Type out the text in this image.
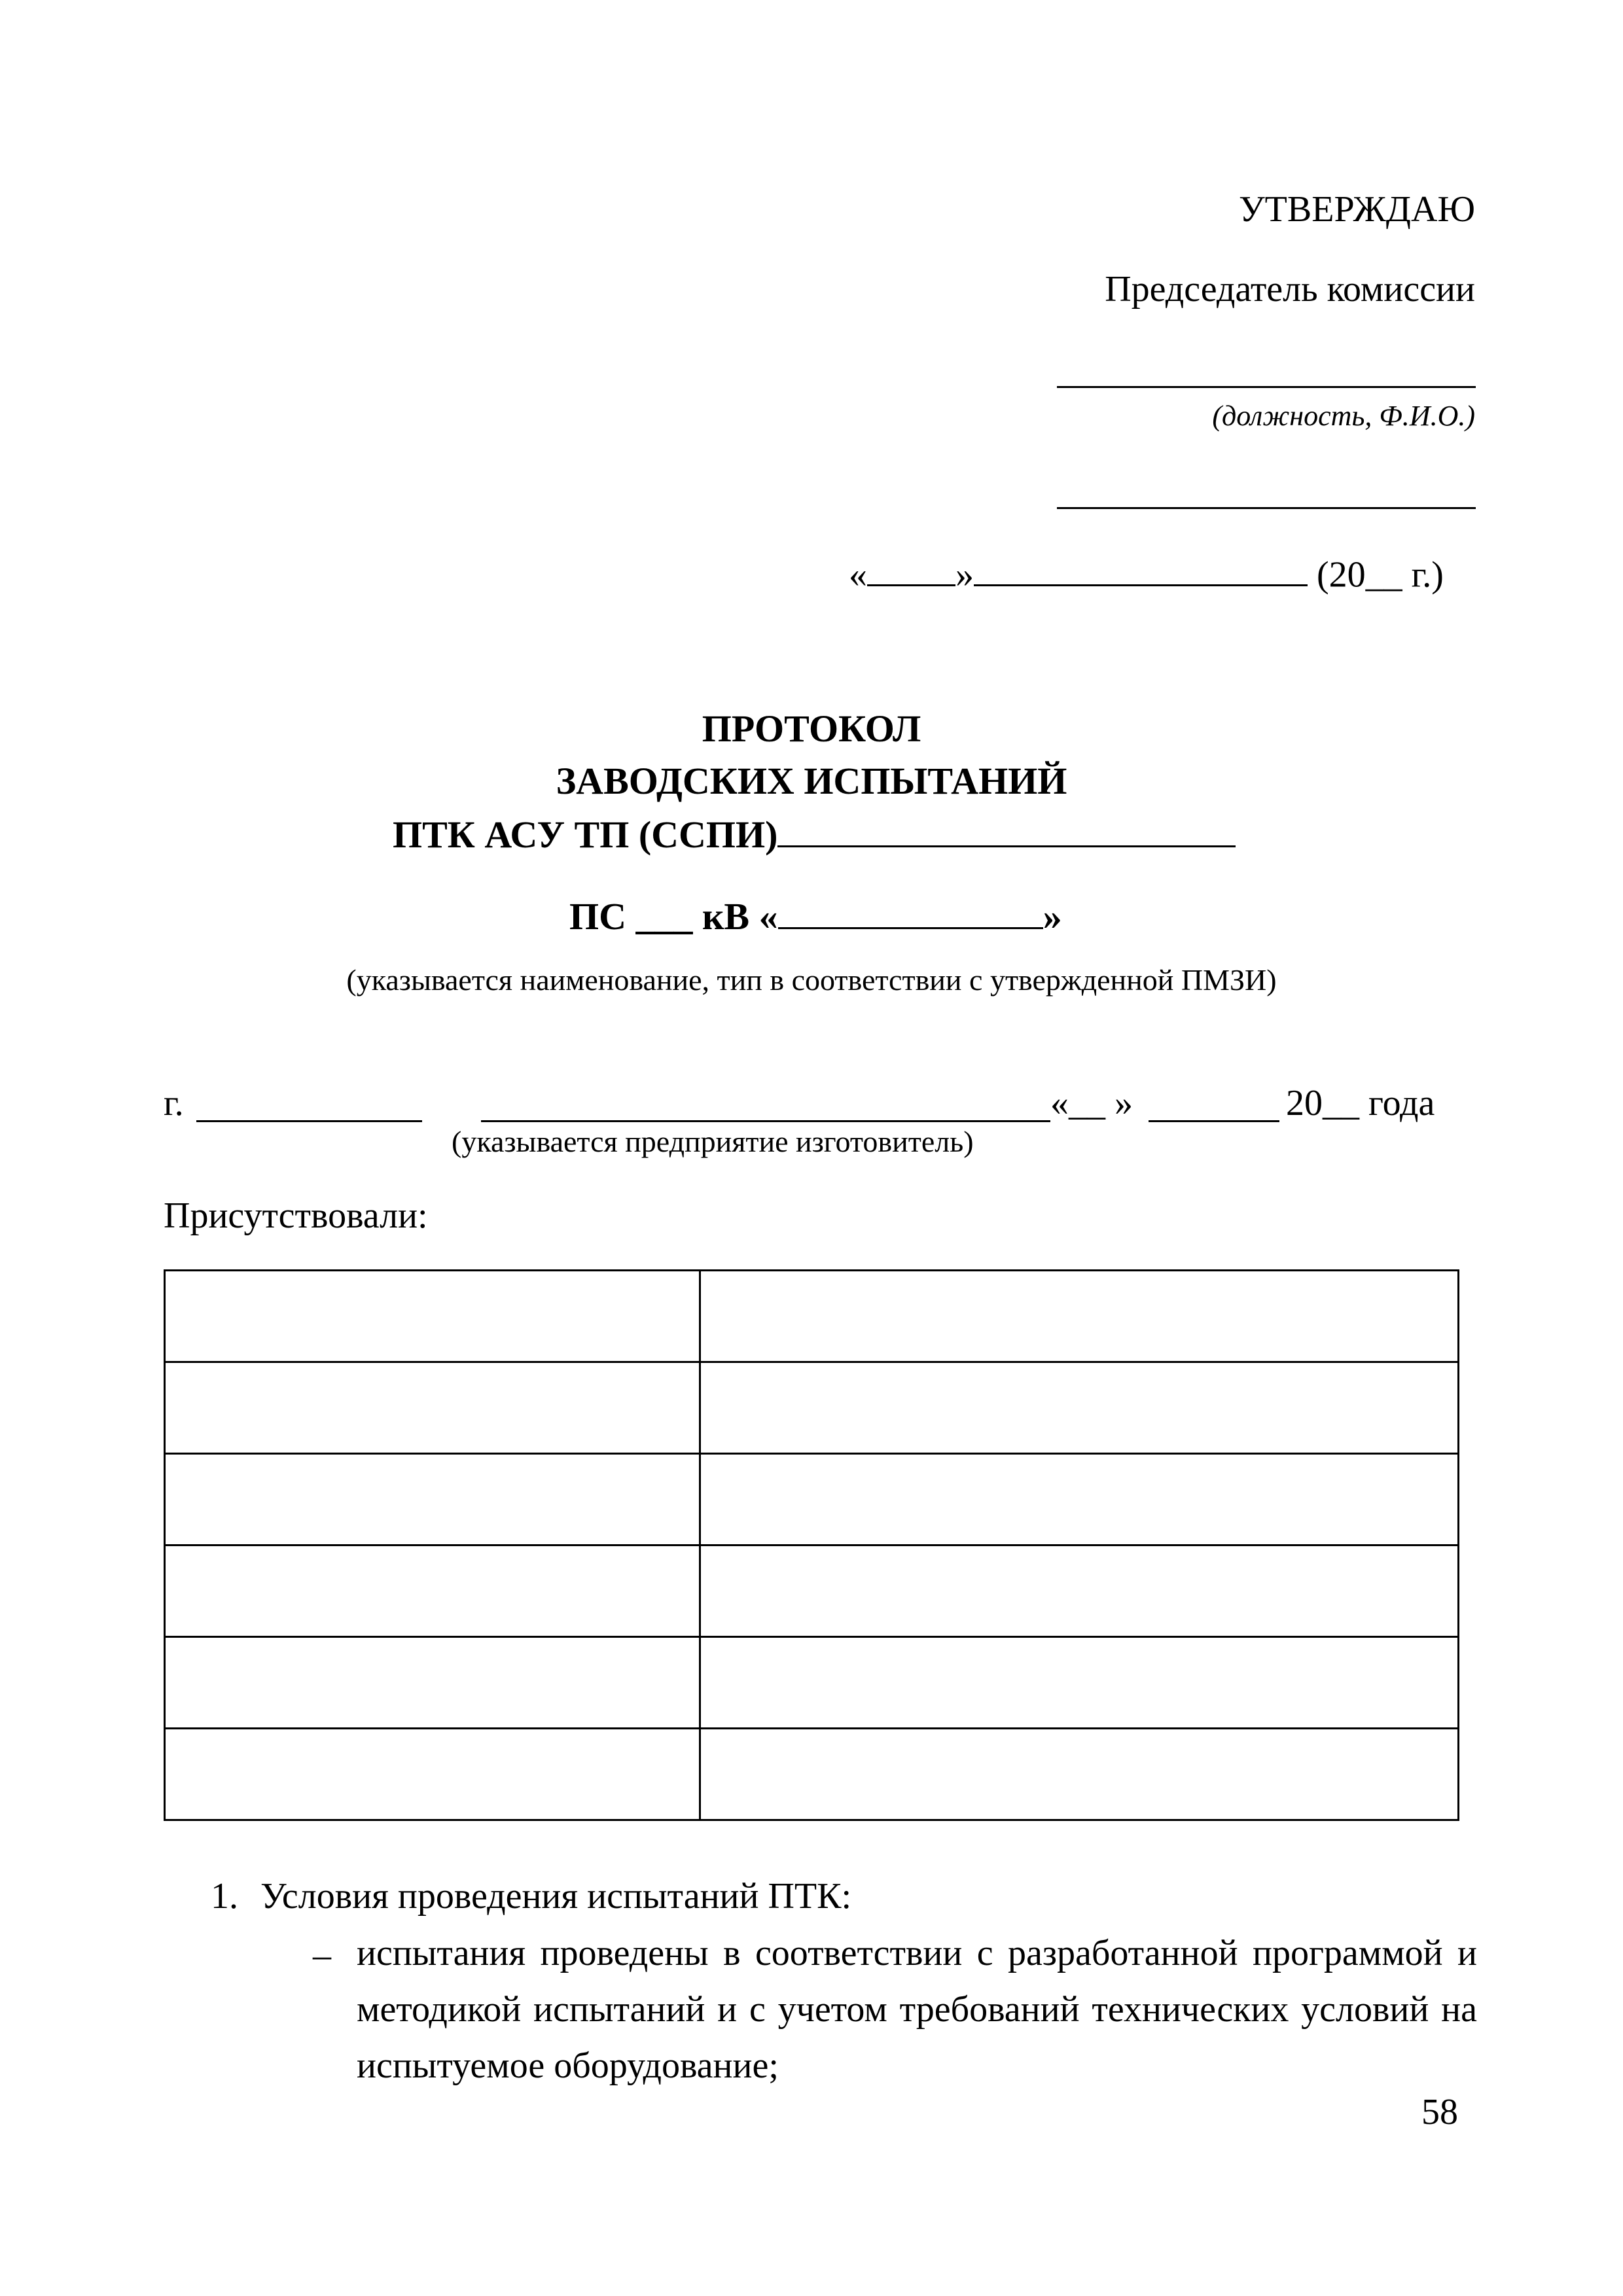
УТВЕРЖДАЮ
Председатель комиссии
(должность, Ф.И.О.)
« »	(20__ г.)
ПРОТОКОЛ
ЗАВОДСКИХ ИСПЫТАНИЙ
ПТК АСУ ТП (ССПИ)
ПС ___ кВ «	»
(указывается наименование, тип в соответствии с утвержденной ПМЗИ)
г.	«__ »	20__ года
(указывается предприятие изготовитель)
Присутствовали:

1. Условия проведения испытаний ПТК:
– испытания проведены в соответствии с разработанной программой и методикой испытаний и с учетом требований технических условий на испытуемое оборудование;
58
